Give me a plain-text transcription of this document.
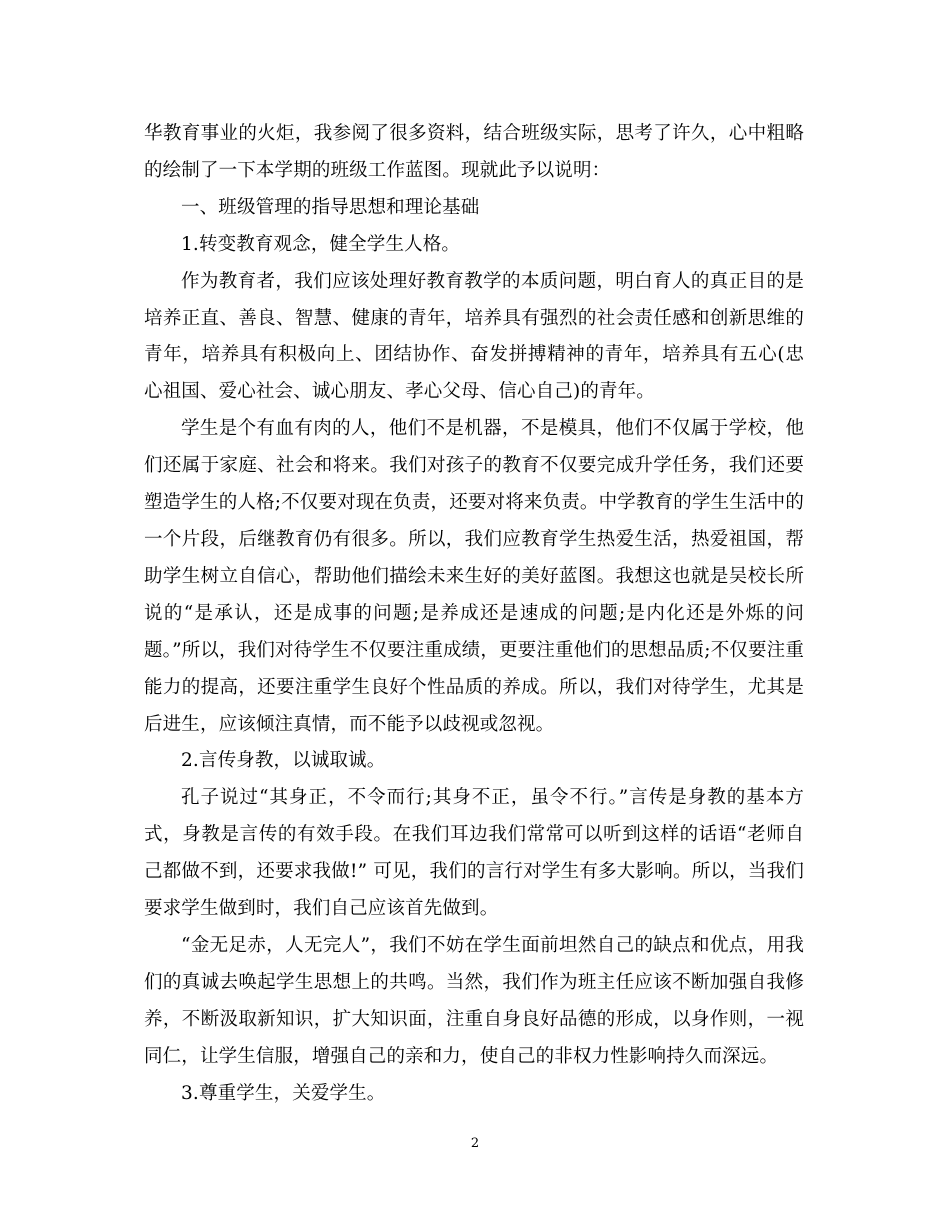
华教育事业的火炬，我参阅了很多资料，结合班级实际，思考了许久，心中粗略的绘制了一下本学期的班级工作蓝图。现就此予以说明：

一、班级管理的指导思想和理论基础

1.转变教育观念，健全学生人格。

作为教育者，我们应该处理好教育教学的本质问题，明白育人的真正目的是培养正直、善良、智慧、健康的青年，培养具有强烈的社会责任感和创新思维的青年，培养具有积极向上、团结协作、奋发拼搏精神的青年，培养具有五心(忠心祖国、爱心社会、诚心朋友、孝心父母、信心自己)的青年。

学生是个有血有肉的人，他们不是机器，不是模具，他们不仅属于学校，他们还属于家庭、社会和将来。我们对孩子的教育不仅要完成升学任务，我们还要塑造学生的人格;不仅要对现在负责，还要对将来负责。中学教育的学生生活中的一个片段，后继教育仍有很多。所以，我们应教育学生热爱生活，热爱祖国，帮助学生树立自信心，帮助他们描绘未来生好的美好蓝图。我想这也就是吴校长所说的“是承认，还是成事的问题;是养成还是速成的问题;是内化还是外烁的问题。”所以，我们对待学生不仅要注重成绩，更要注重他们的思想品质;不仅要注重能力的提高，还要注重学生良好个性品质的养成。所以，我们对待学生，尤其是后进生，应该倾注真情，而不能予以歧视或忽视。

2.言传身教，以诚取诚。

孔子说过“其身正，不令而行;其身不正，虽令不行。”言传是身教的基本方式，身教是言传的有效手段。在我们耳边我们常常可以听到这样的话语“老师自己都做不到，还要求我做!” 可见，我们的言行对学生有多大影响。所以，当我们要求学生做到时，我们自己应该首先做到。

“金无足赤，人无完人”，我们不妨在学生面前坦然自己的缺点和优点，用我们的真诚去唤起学生思想上的共鸣。当然，我们作为班主任应该不断加强自我修养，不断汲取新知识，扩大知识面，注重自身良好品德的形成，以身作则，一视同仁，让学生信服，增强自己的亲和力，使自己的非权力性影响持久而深远。

3.尊重学生，关爱学生。

2
